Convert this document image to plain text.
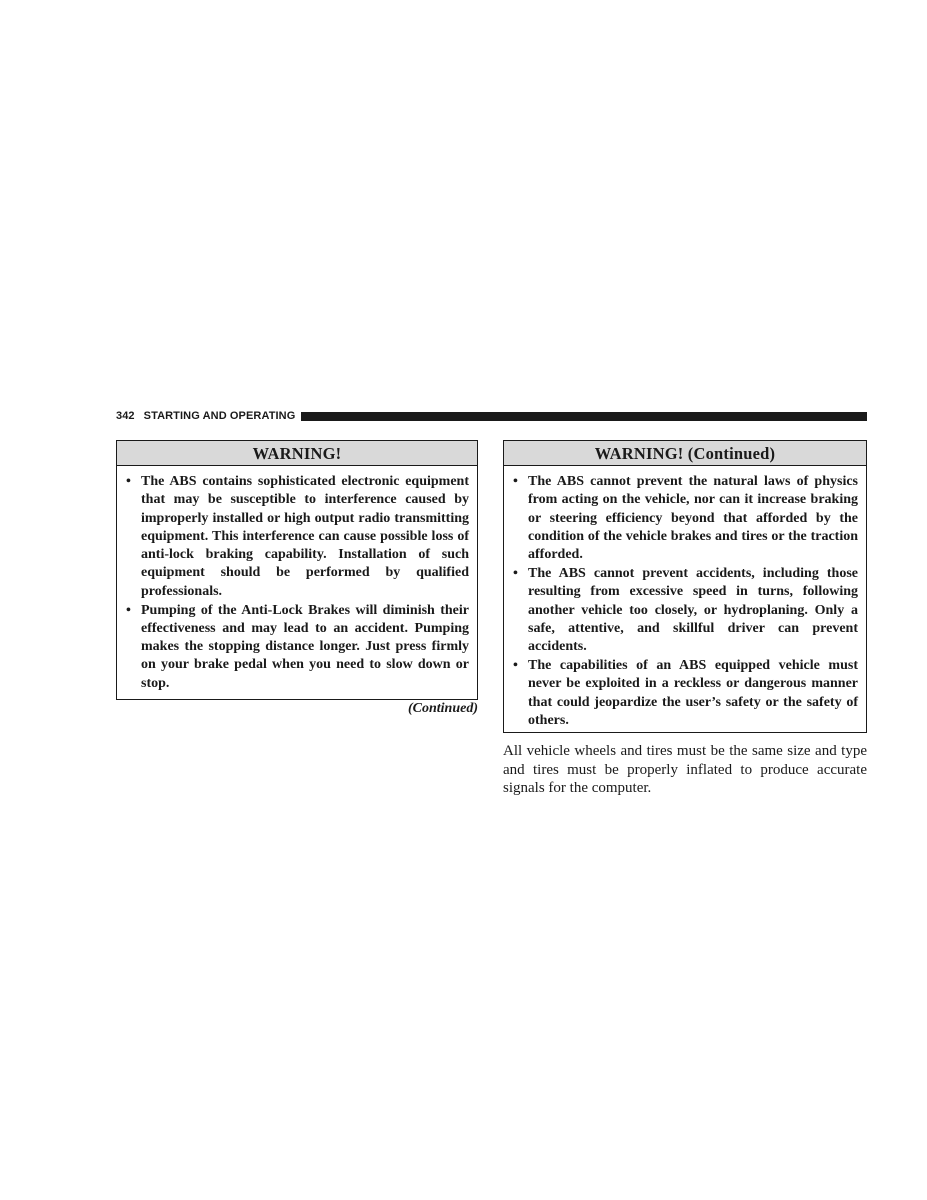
342 STARTING AND OPERATING
WARNING!
• The ABS contains sophisticated electronic equipment that may be susceptible to interference caused by improperly installed or high output radio transmitting equipment. This interference can cause possible loss of anti-lock braking capability. Installation of such equipment should be performed by qualified professionals.
• Pumping of the Anti-Lock Brakes will diminish their effectiveness and may lead to an accident. Pumping makes the stopping distance longer. Just press firmly on your brake pedal when you need to slow down or stop.
(Continued)
WARNING! (Continued)
• The ABS cannot prevent the natural laws of physics from acting on the vehicle, nor can it increase braking or steering efficiency beyond that afforded by the condition of the vehicle brakes and tires or the traction afforded.
• The ABS cannot prevent accidents, including those resulting from excessive speed in turns, following another vehicle too closely, or hydroplaning. Only a safe, attentive, and skillful driver can prevent accidents.
• The capabilities of an ABS equipped vehicle must never be exploited in a reckless or dangerous manner that could jeopardize the user’s safety or the safety of others.

All vehicle wheels and tires must be the same size and type and tires must be properly inflated to produce accurate signals for the computer.
